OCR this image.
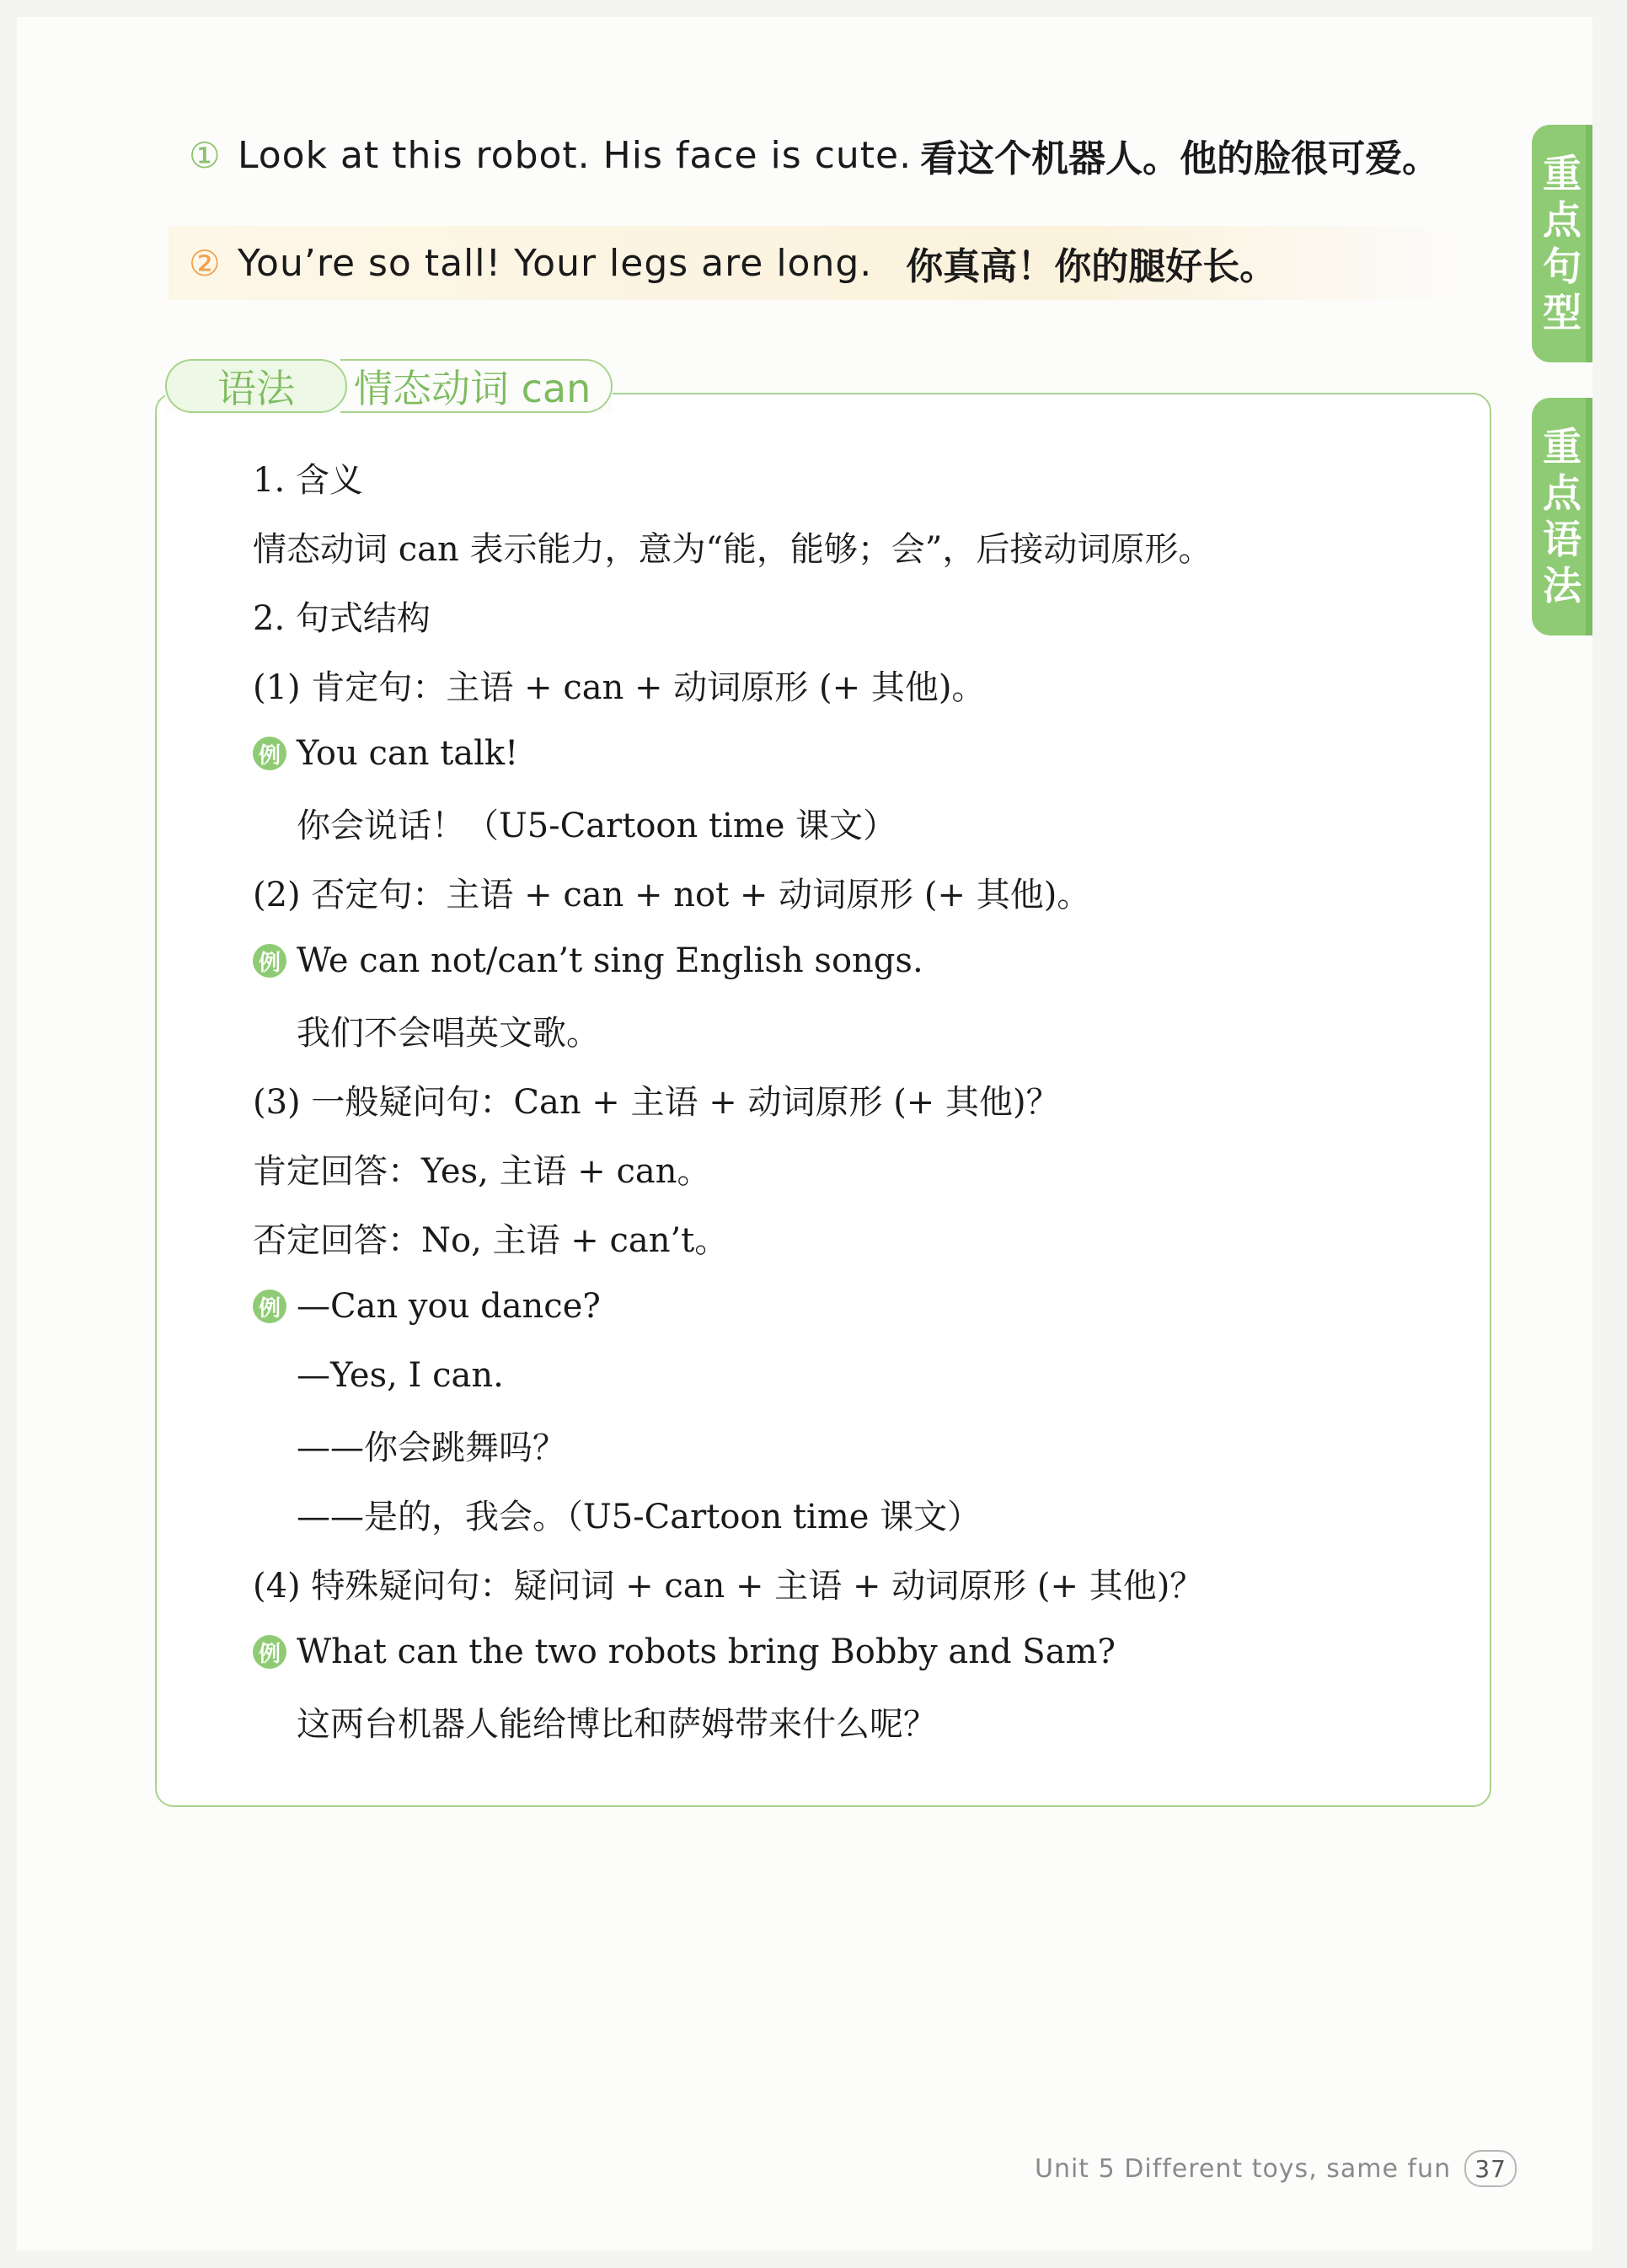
① Look at this robot. His face is cute. 看这个机器人。他的脸很可爱。
② You’re so tall! Your legs are long. 你真高！你的腿好长。
重点句型
重点语法
语法	情态动词 can
1. 含义
情态动词 can 表示能力，意为“能，能够；会”，后接动词原形。
2. 句式结构
(1) 肯定句：主语 + can + 动词原形 (+ 其他)。
例 You can talk!
你会说话！（U5-Cartoon time 课文）
(2) 否定句：主语 + can + not + 动词原形 (+ 其他)。
例 We can not/can’t sing English songs.
我们不会唱英文歌。
(3) 一般疑问句：Can + 主语 + 动词原形 (+ 其他)？
肯定回答：Yes, 主语 + can。
否定回答：No, 主语 + can’t。
例 —Can you dance?
—Yes, I can.
——你会跳舞吗？
——是的，我会。（U5-Cartoon time 课文）
(4) 特殊疑问句：疑问词 + can + 主语 + 动词原形 (+ 其他)？
例 What can the two robots bring Bobby and Sam?
这两台机器人能给博比和萨姆带来什么呢？
Unit 5 Different toys, same fun	37
